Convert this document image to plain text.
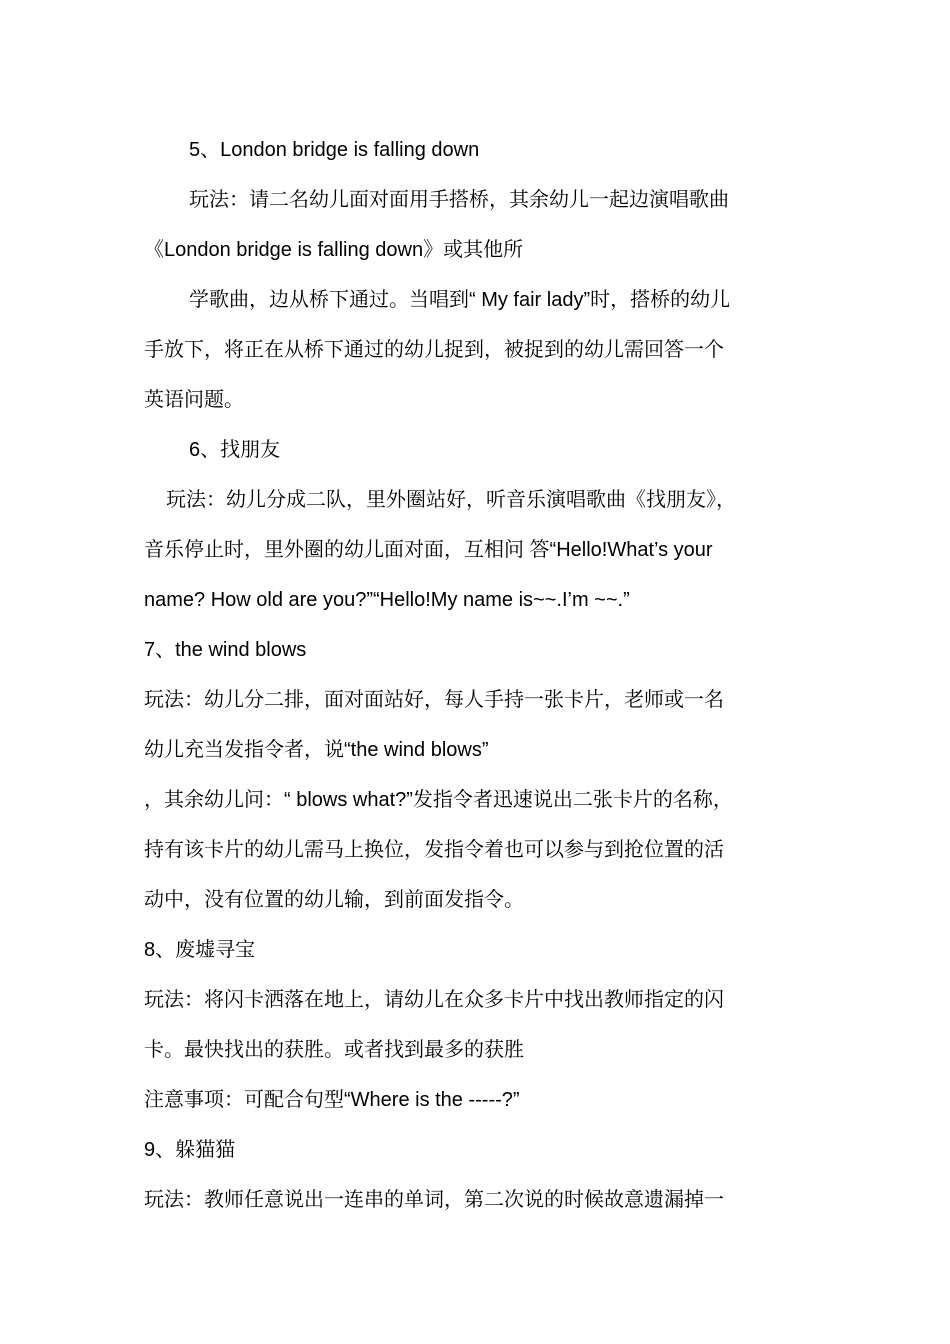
5、London bridge is falling down
玩法：请二名幼儿面对面用手搭桥，其余幼儿一起边演唱歌曲
《London bridge is falling down》或其他所
学歌曲，边从桥下通过。当唱到“ My fair lady”时，搭桥的幼儿
手放下，将正在从桥下通过的幼儿捉到，被捉到的幼儿需回答一个
英语问题。
6、找朋友
玩法：幼儿分成二队，里外圈站好，听音乐演唱歌曲《找朋友》，
音乐停止时，里外圈的幼儿面对面，互相问 答“Hello!What’s your
name? How old are you?”“Hello!My name is~~.I’m ~~.”
7、the wind blows
玩法：幼儿分二排，面对面站好，每人手持一张卡片，老师或一名
幼儿充当发指令者，说“the wind blows”
，其余幼儿问：“ blows what?”发指令者迅速说出二张卡片的名称，
持有该卡片的幼儿需马上换位，发指令着也可以参与到抢位置的活
动中，没有位置的幼儿输，到前面发指令。
8、废墟寻宝
玩法：将闪卡洒落在地上，请幼儿在众多卡片中找出教师指定的闪
卡。最快找出的获胜。或者找到最多的获胜
注意事项：可配合句型“Where is the -----?”
9、躲猫猫
玩法：教师任意说出一连串的单词，第二次说的时候故意遗漏掉一
